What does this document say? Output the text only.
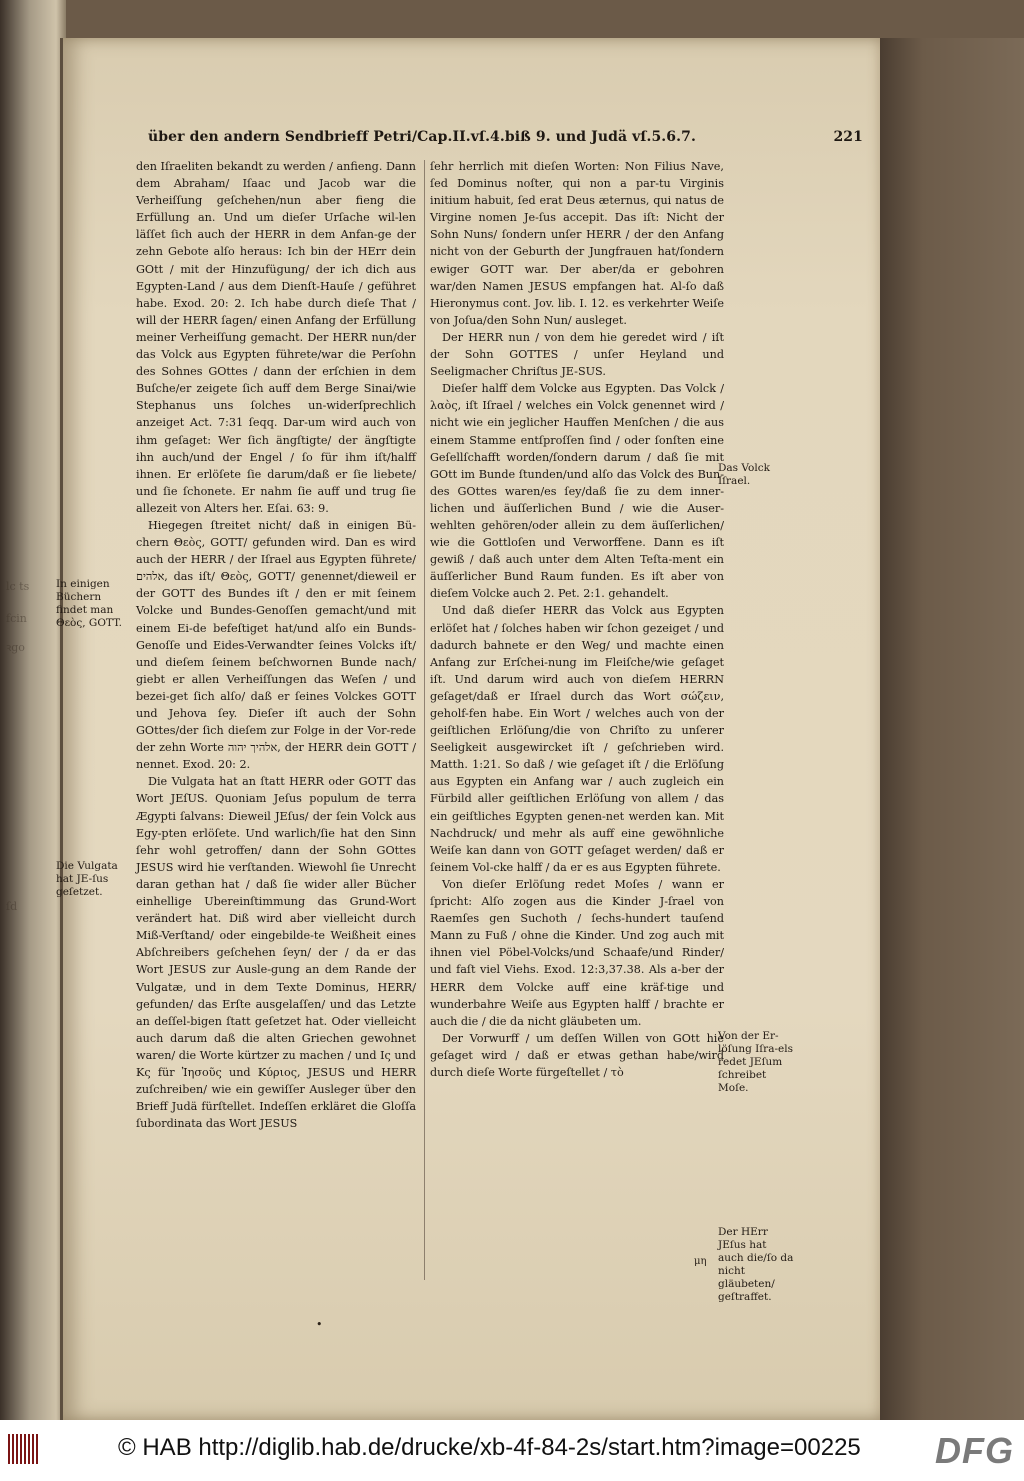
lc ts
fcin
ꝛgo
ſd
über den andern Sendbrieff Petri/Cap.II.vſ.4.biß 9. und Judä vſ.5.6.7.	221

den Iſraeliten bekandt zu werden / anfieng. Dann dem Abraham/ Iſaac und Jacob war die Verheiſſung geſchehen/nun aber fieng die Erfüllung an. Und um dieſer Urſache wil-len läſſet ſich auch der HERR in dem Anfan-ge der zehn Gebote alſo heraus: Ich bin der HErr dein GOtt / mit der Hinzufügung/ der ich dich aus Egypten-Land / aus dem Dienſt-Hauſe / geführet habe. Exod. 20: 2. Ich habe durch dieſe That / will der HERR ſagen/ einen Anfang der Erfüllung meiner Verheiſſung gemacht. Der HERR nun/der das Volck aus Egypten führete/war die Perſohn des Sohnes GOttes / dann der erſchien in dem Buſche/er zeigete ſich auff dem Berge Sinai/wie Stephanus uns ſolches un-widerſprechlich anzeiget Act. 7:31 ſeqq. Dar-um wird auch von ihm geſaget: Wer ſich ängſtigte/ der ängſtigte ihn auch/und der Engel / ſo für ihm iſt/halff ihnen. Er erlöſete ſie darum/daß er ſie liebete/ und ſie ſchonete. Er nahm ſie auff und trug ſie allezeit von Alters her. Eſai. 63: 9.

Hiegegen ſtreitet nicht/ daß in einigen Bü-chern Θεὸς, GOTT/ gefunden wird. Dan es wird auch der HERR / der Iſrael aus Egypten führete/ אלהים, das iſt/ Θεὸς, GOTT/ genennet/dieweil er der GOTT des Bundes iſt / den er mit ſeinem Volcke und Bundes-Genoſſen gemacht/und mit einem Ei-de befeſtiget hat/und alſo ein Bunds-Genoſſe und Eides-Verwandter ſeines Volcks iſt/ und dieſem ſeinem beſchwornen Bunde nach/ giebt er allen Verheiſſungen das Weſen / und bezei-get ſich alſo/ daß er ſeines Volckes GOTT und Jehova ſey. Dieſer iſt auch der Sohn GOttes/der ſich dieſem zur Folge in der Vor-rede der zehn Worte אלהיך יהוה, der HERR dein GOTT / nennet. Exod. 20: 2.

Die Vulgata hat an ſtatt HERR oder GOTT das Wort JEſUS. Quoniam Jeſus populum de terra Ægypti ſalvans: Dieweil JEſus/ der ſein Volck aus Egy-pten erlöſete. Und warlich/ſie hat den Sinn ſehr wohl getroffen/ dann der Sohn GOttes JESUS wird hie verſtanden. Wiewohl ſie Unrecht daran gethan hat / daß ſie wider aller Bücher einhellige Ubereinſtimmung das Grund-Wort verändert hat. Diß wird aber vielleicht durch Miß-Verſtand/ oder eingebilde-te Weißheit eines Abſchreibers geſchehen ſeyn/ der / da er das Wort JESUS zur Ausle-gung an dem Rande der Vulgatæ, und in dem Texte Dominus, HERR/ gefunden/ das Erſte ausgelaſſen/ und das Letzte an deſſel-bigen ſtatt geſetzet hat. Oder vielleicht auch darum daß die alten Griechen gewohnet waren/ die Worte kürtzer zu machen / und Iς und Kς für Ἰησοῦς und Κύριος, JESUS und HERR zuſchreiben/ wie ein gewiſſer Ausleger über den Brieff Judä fürſtellet. Indeſſen erkläret die Gloſſa ſubordinata das Wort JESUS

ſehr herrlich mit dieſen Worten: Non Filius Nave, ſed Dominus noſter, qui non a par-tu Virginis initium habuit, ſed erat Deus æternus, qui natus de Virgine nomen Je-ſus accepit. Das iſt: Nicht der Sohn Nuns/ ſondern unſer HERR / der den Anfang nicht von der Geburth der Jungfrauen hat/ſondern ewiger GOTT war. Der aber/da er gebohren war/den Namen JESUS empfangen hat. Al-ſo daß Hieronymus cont. Jov. lib. I. 12. es verkehrter Weiſe von Joſua/den Sohn Nun/ ausleget.

Der HERR nun / von dem hie geredet wird / iſt der Sohn GOTTES / unſer Heyland und Seeligmacher Chriſtus JE-SUS.

Dieſer halff dem Volcke aus Egypten. Das Volck / λαὸς, iſt Iſrael / welches ein Volck genennet wird / nicht wie ein jeglicher Hauffen Menſchen / die aus einem Stamme entſproſſen ſind / oder ſonſten eine Geſellſchafft worden/ſondern darum / daß ſie mit GOtt im Bunde ſtunden/und alſo das Volck des Bun-des GOttes waren/es ſey/daß ſie zu dem inner-lichen und äuſſerlichen Bund / wie die Auser-wehlten gehören/oder allein zu dem äuſſerlichen/ wie die Gottloſen und Verworffene. Dann es iſt gewiß / daß auch unter dem Alten Teſta-ment ein äuſſerlicher Bund Raum funden. Es iſt aber von dieſem Volcke auch 2. Pet. 2:1. gehandelt.

Und daß dieſer HERR das Volck aus Egypten erlöſet hat / ſolches haben wir ſchon gezeiget / und dadurch bahnete er den Weg/ und machte einen Anfang zur Erſchei-nung im Fleiſche/wie geſaget iſt. Und darum wird auch von dieſem HERRN geſaget/daß er Iſrael durch das Wort σώζειν, geholf-fen habe. Ein Wort / welches auch von der geiſtlichen Erlöſung/die von Chriſto zu unſerer Seeligkeit ausgewircket iſt / geſchrieben wird. Matth. 1:21. So daß / wie geſaget iſt / die Erlöſung aus Egypten ein Anfang war / auch zugleich ein Fürbild aller geiſtlichen Erlöſung von allem / das ein geiſtliches Egypten genen-net werden kan. Mit Nachdruck/ und mehr als auff eine gewöhnliche Weiſe kan dann von GOTT geſaget werden/ daß er ſeinem Vol-cke halff / da er es aus Egypten führete.

Von dieſer Erlöſung redet Moſes / wann er ſpricht: Alſo zogen aus die Kinder J-ſrael von Raemſes gen Suchoth / ſechs-hundert tauſend Mann zu Fuß / ohne die Kinder. Und zog auch mit ihnen viel Pöbel-Volcks/und Schaafe/und Rinder/ und faſt viel Viehs. Exod. 12:3,37.38. Als a-ber der HERR dem Volcke auff eine kräf-tige und wunderbahre Weiſe aus Egypten halff / brachte er auch die / die da nicht gläubeten um.

Der Vorwurff / um deſſen Willen von GOtt hie geſaget wird / daß er etwas gethan habe/wird durch dieſe Worte fürgeſtellet / τὸ

In einigen Büchern findet man Θεὸς, GOTT.
Die Vulgata hat JE-ſus geſetzet.
Das Volck Iſrael.
Von der Er-löſung Iſra-els redet JEſum ſchreibet Moſe.
Der HErr JEſus hat auch die/ſo da nicht gläubeten/ geſtraffet.
μη
•
© HAB http://diglib.hab.de/drucke/xb-4f-84-2s/start.htm?image=00225 DFG
